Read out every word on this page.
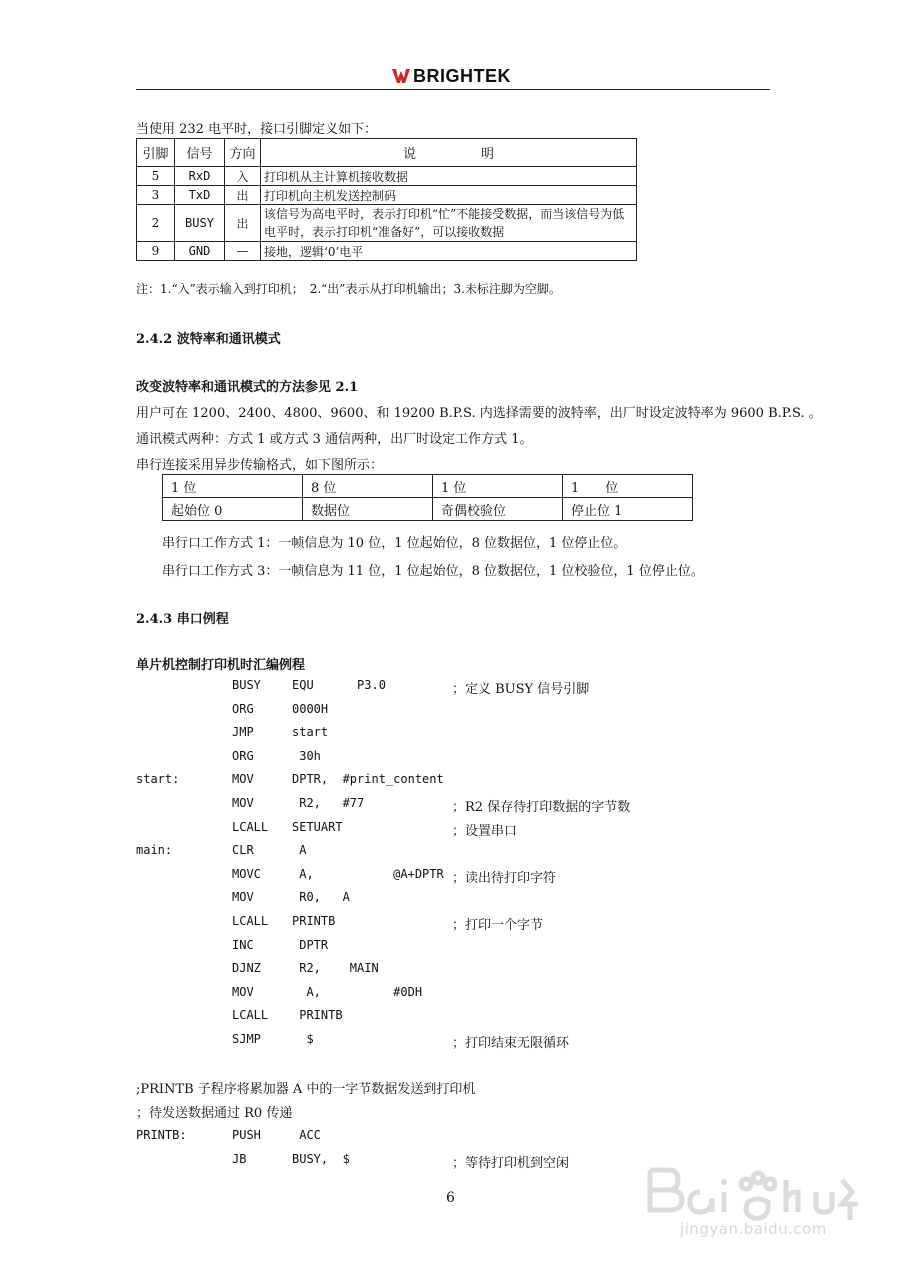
BRIGHTEK
当使用 232 电平时，接口引脚定义如下：
引脚	信号	方向	说　　　　　明
5	RxD	入	打印机从主计算机接收数据
3	TxD	出	打印机向主机发送控制码
2	BUSY	出	该信号为高电平时，表示打印机“忙”不能接受数据，而当该信号为低电平时，表示打印机“准备好”，可以接收数据
9	GND	—	接地，逻辑‘0’电平
注：1.“入”表示输入到打印机；　2.“出”表示从打印机输出；3.未标注脚为空脚。
2.4.2 波特率和通讯模式
改变波特率和通讯模式的方法参见 2.1
用户可在 1200、2400、4800、9600、和 19200 B.P.S. 内选择需要的波特率，出厂时设定波特率为 9600 B.P.S. 。
通讯模式两种：方式 1 或方式 3 通信两种，出厂时设定工作方式 1。
串行连接采用异步传输格式，如下图所示：
1 位	8 位	1 位	1　　位
起始位 0	数据位	奇偶校验位	停止位 1
串行口工作方式 1：一帧信息为 10 位，1 位起始位，8 位数据位，1 位停止位。
串行口工作方式 3：一帧信息为 11 位，1 位起始位，8 位数据位，1 位校验位，1 位停止位。
2.4.3 串口例程
单片机控制打印机时汇编例程
BUSY	EQU      P3.0	；定义 BUSY 信号引脚
ORG	0000H
JMP	start
ORG	30h
start:	MOV	DPTR,  #print_content
MOV	R2,   #77	；R2 保存待打印数据的字节数
LCALL SETUART	；设置串口
main:	CLR	A
MOVC	A,           @A+DPTR ；读出待打印字符
MOV	R0,   A
LCALL PRINTB	；打印一个字节
INC	DPTR
DJNZ	R2,    MAIN
MOV	A,          #0DH
LCALL PRINTB
SJMP	$	；打印结束无限循环
;PRINTB 子程序将累加器 A 中的一字节数据发送到打印机
；待发送数据通过 R0 传递
PRINTB:	PUSH	ACC
JB	BUSY,  $	；等待打印机到空闲
6
jingyan.baidu.com
